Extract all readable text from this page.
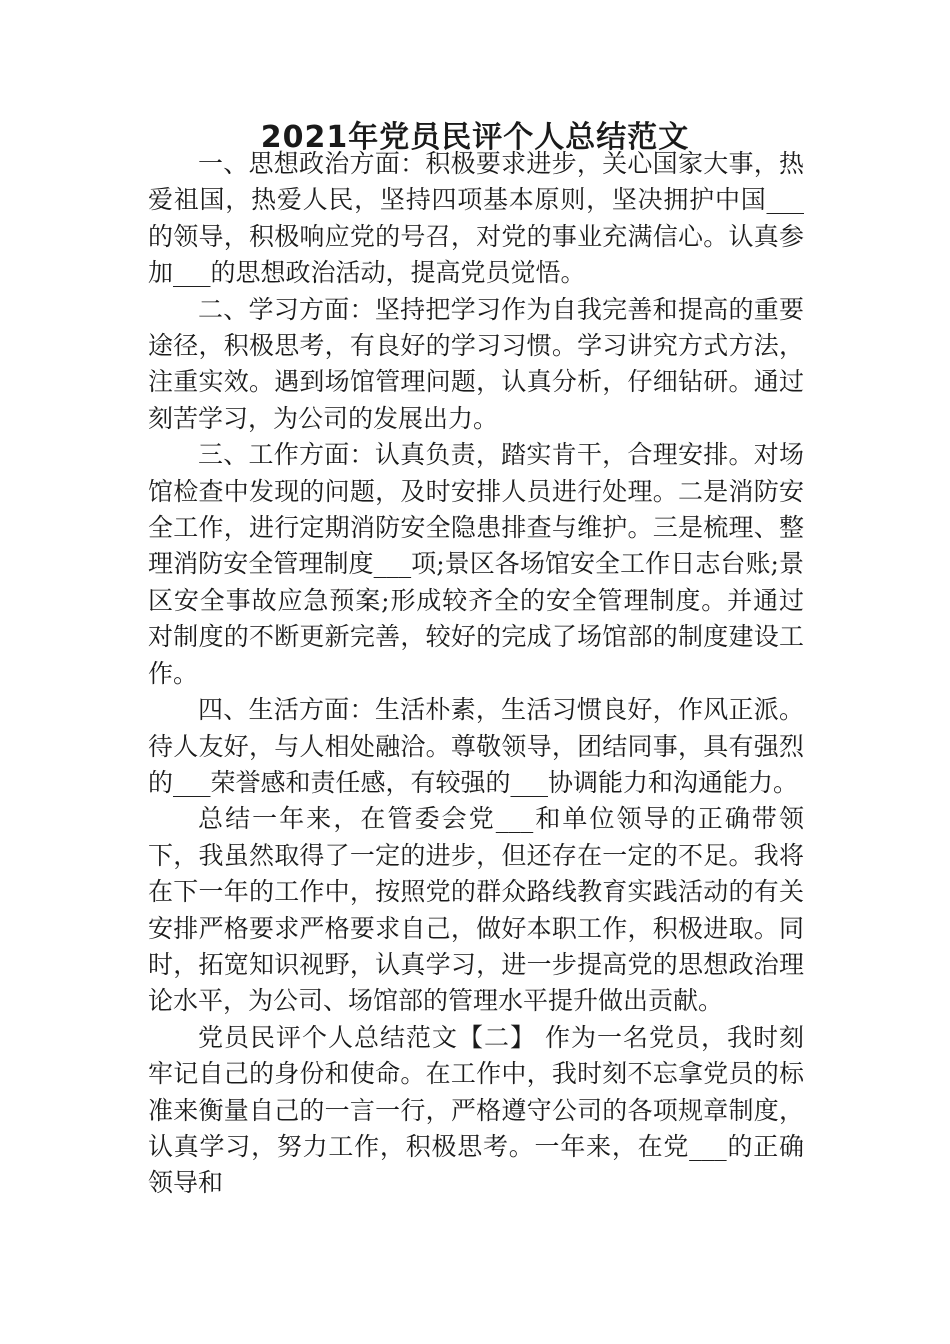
2021年党员民评个人总结范文

一、思想政治方面：积极要求进步，关心国家大事，热爱祖国，热爱人民，坚持四项基本原则，坚决拥护中国___的领导，积极响应党的号召，对党的事业充满信心。认真参加___的思想政治活动，提高党员觉悟。

二、学习方面：坚持把学习作为自我完善和提高的重要途径，积极思考，有良好的学习习惯。学习讲究方式方法，注重实效。遇到场馆管理问题，认真分析，仔细钻研。通过刻苦学习，为公司的发展出力。

三、工作方面：认真负责，踏实肯干，合理安排。对场馆检查中发现的问题，及时安排人员进行处理。二是消防安全工作，进行定期消防安全隐患排查与维护。三是梳理、整理消防安全管理制度___项;景区各场馆安全工作日志台账;景区安全事故应急预案;形成较齐全的安全管理制度。并通过对制度的不断更新完善，较好的完成了场馆部的制度建设工作。

四、生活方面：生活朴素，生活习惯良好，作风正派。待人友好，与人相处融洽。尊敬领导，团结同事，具有强烈的___荣誉感和责任感，有较强的___协调能力和沟通能力。

总结一年来，在管委会党___和单位领导的正确带领下，我虽然取得了一定的进步，但还存在一定的不足。我将在下一年的工作中，按照党的群众路线教育实践活动的有关安排严格要求严格要求自己，做好本职工作，积极进取。同时，拓宽知识视野，认真学习，进一步提高党的思想政治理论水平，为公司、场馆部的管理水平提升做出贡献。

党员民评个人总结范文【二】 作为一名党员，我时刻牢记自己的身份和使命。在工作中，我时刻不忘拿党员的标准来衡量自己的一言一行，严格遵守公司的各项规章制度，认真学习，努力工作，积极思考。一年来，在党___的正确领导和
